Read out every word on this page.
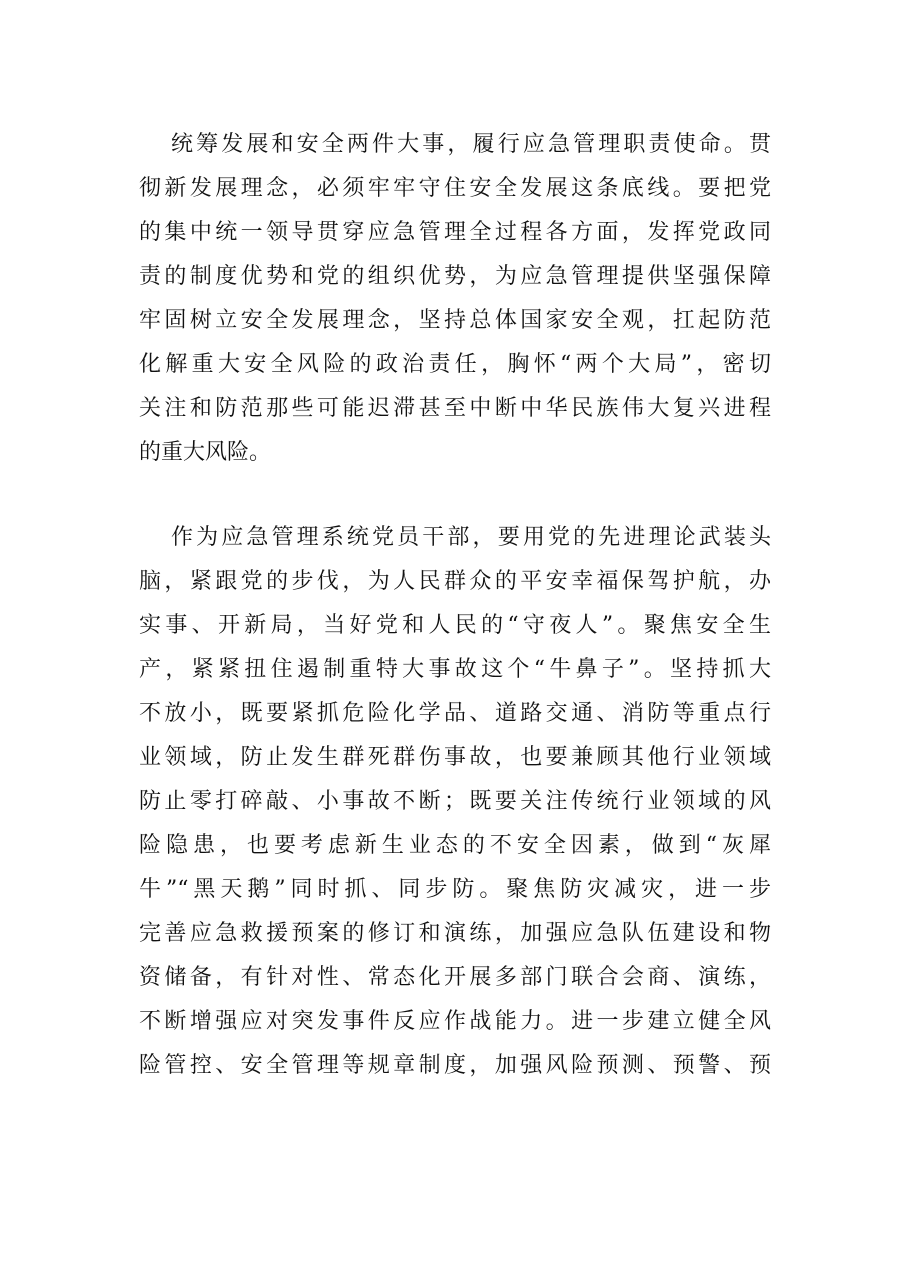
统筹发展和安全两件大事，履行应急管理职责使命。贯
彻新发展理念，必须牢牢守住安全发展这条底线。要把党
的集中统一领导贯穿应急管理全过程各方面，发挥党政同
责的制度优势和党的组织优势，为应急管理提供坚强保障
牢固树立安全发展理念，坚持总体国家安全观，扛起防范
化解重大安全风险的政治责任，胸怀“两个大局”，密切
关注和防范那些可能迟滞甚至中断中华民族伟大复兴进程
的重大风险。
作为应急管理系统党员干部，要用党的先进理论武装头
脑，紧跟党的步伐，为人民群众的平安幸福保驾护航，办
实事、开新局，当好党和人民的“守夜人”。聚焦安全生
产，紧紧扭住遏制重特大事故这个“牛鼻子”。坚持抓大
不放小，既要紧抓危险化学品、道路交通、消防等重点行
业领域，防止发生群死群伤事故，也要兼顾其他行业领域
防止零打碎敲、小事故不断；既要关注传统行业领域的风
险隐患，也要考虑新生业态的不安全因素，做到“灰犀
牛”“黑天鹅”同时抓、同步防。聚焦防灾减灾，进一步
完善应急救援预案的修订和演练，加强应急队伍建设和物
资储备，有针对性、常态化开展多部门联合会商、演练，
不断增强应对突发事件反应作战能力。进一步建立健全风
险管控、安全管理等规章制度，加强风险预测、预警、预
